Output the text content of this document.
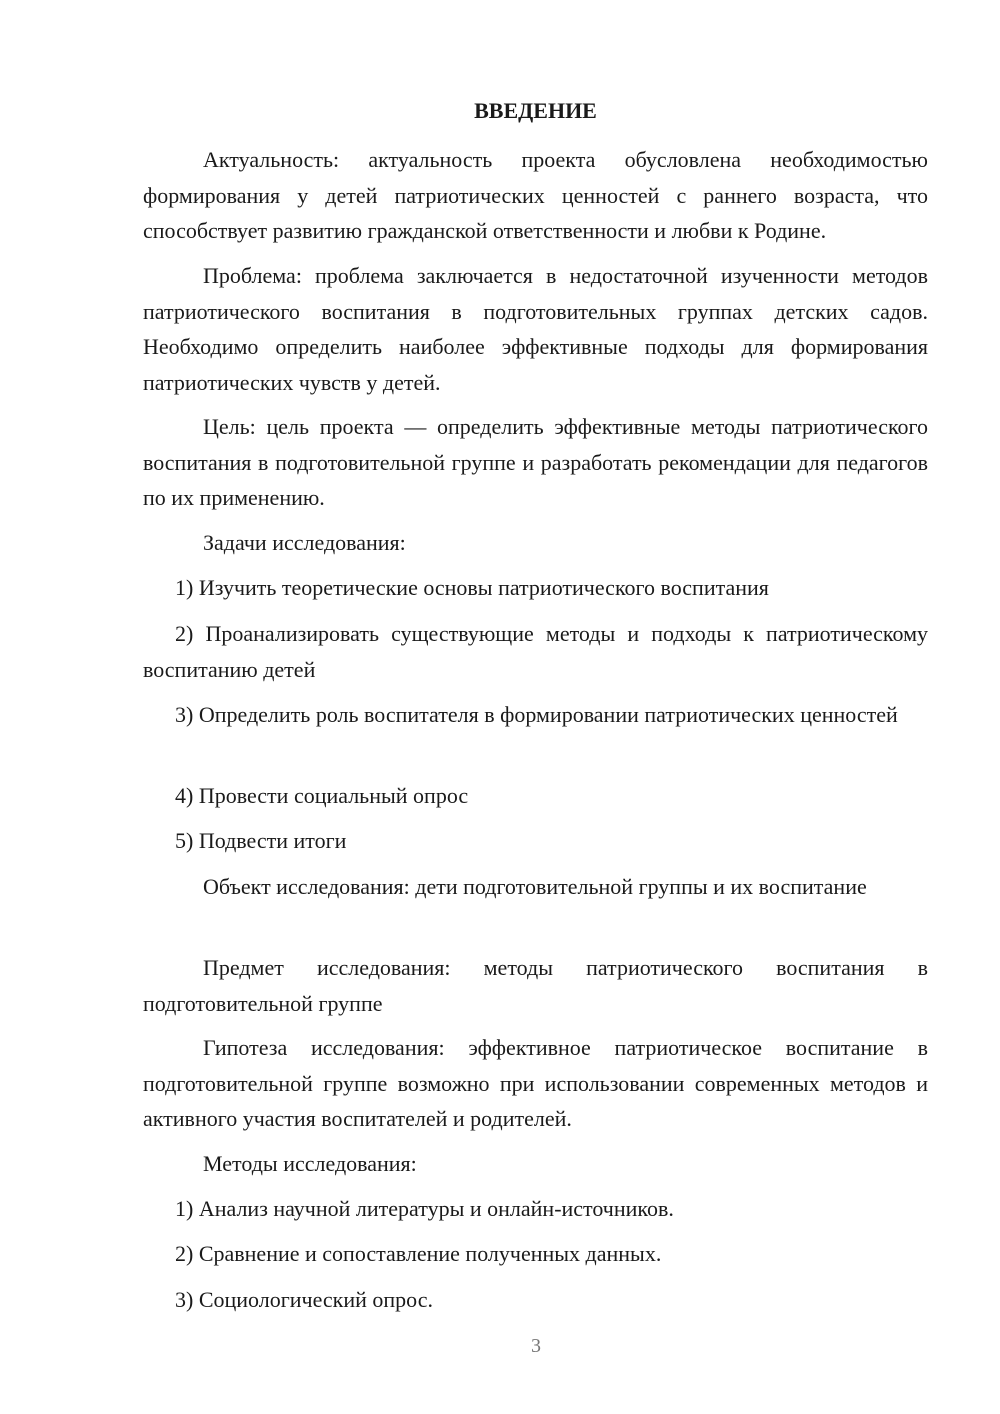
ВВЕДЕНИЕ

Актуальность: актуальность проекта обусловлена необходимостью формирования у детей патриотических ценностей с раннего возраста, что способствует развитию гражданской ответственности и любви к Родине.

Проблема: проблема заключается в недостаточной изученности методов патриотического воспитания в подготовительных группах детских садов. Необходимо определить наиболее эффективные подходы для формирования патриотических чувств у детей.

Цель: цель проекта — определить эффективные методы патриотического воспитания в подготовительной группе и разработать рекомендации для педагогов по их применению.

Задачи исследования:

1) Изучить теоретические основы патриотического воспитания

2) Проанализировать существующие методы и подходы к патриотическому воспитанию детей

3) Определить роль воспитателя в формировании патриотических ценностей

4) Провести социальный опрос

5) Подвести итоги

Объект исследования: дети подготовительной группы и их воспитание

Предмет исследования: методы патриотического воспитания в подготовительной группе

Гипотеза исследования: эффективное патриотическое воспитание в подготовительной группе возможно при использовании современных методов и активного участия воспитателей и родителей.

Методы исследования:

1) Анализ научной литературы и онлайн-источников.

2) Сравнение и сопоставление полученных данных.

3) Социологический опрос.

3
